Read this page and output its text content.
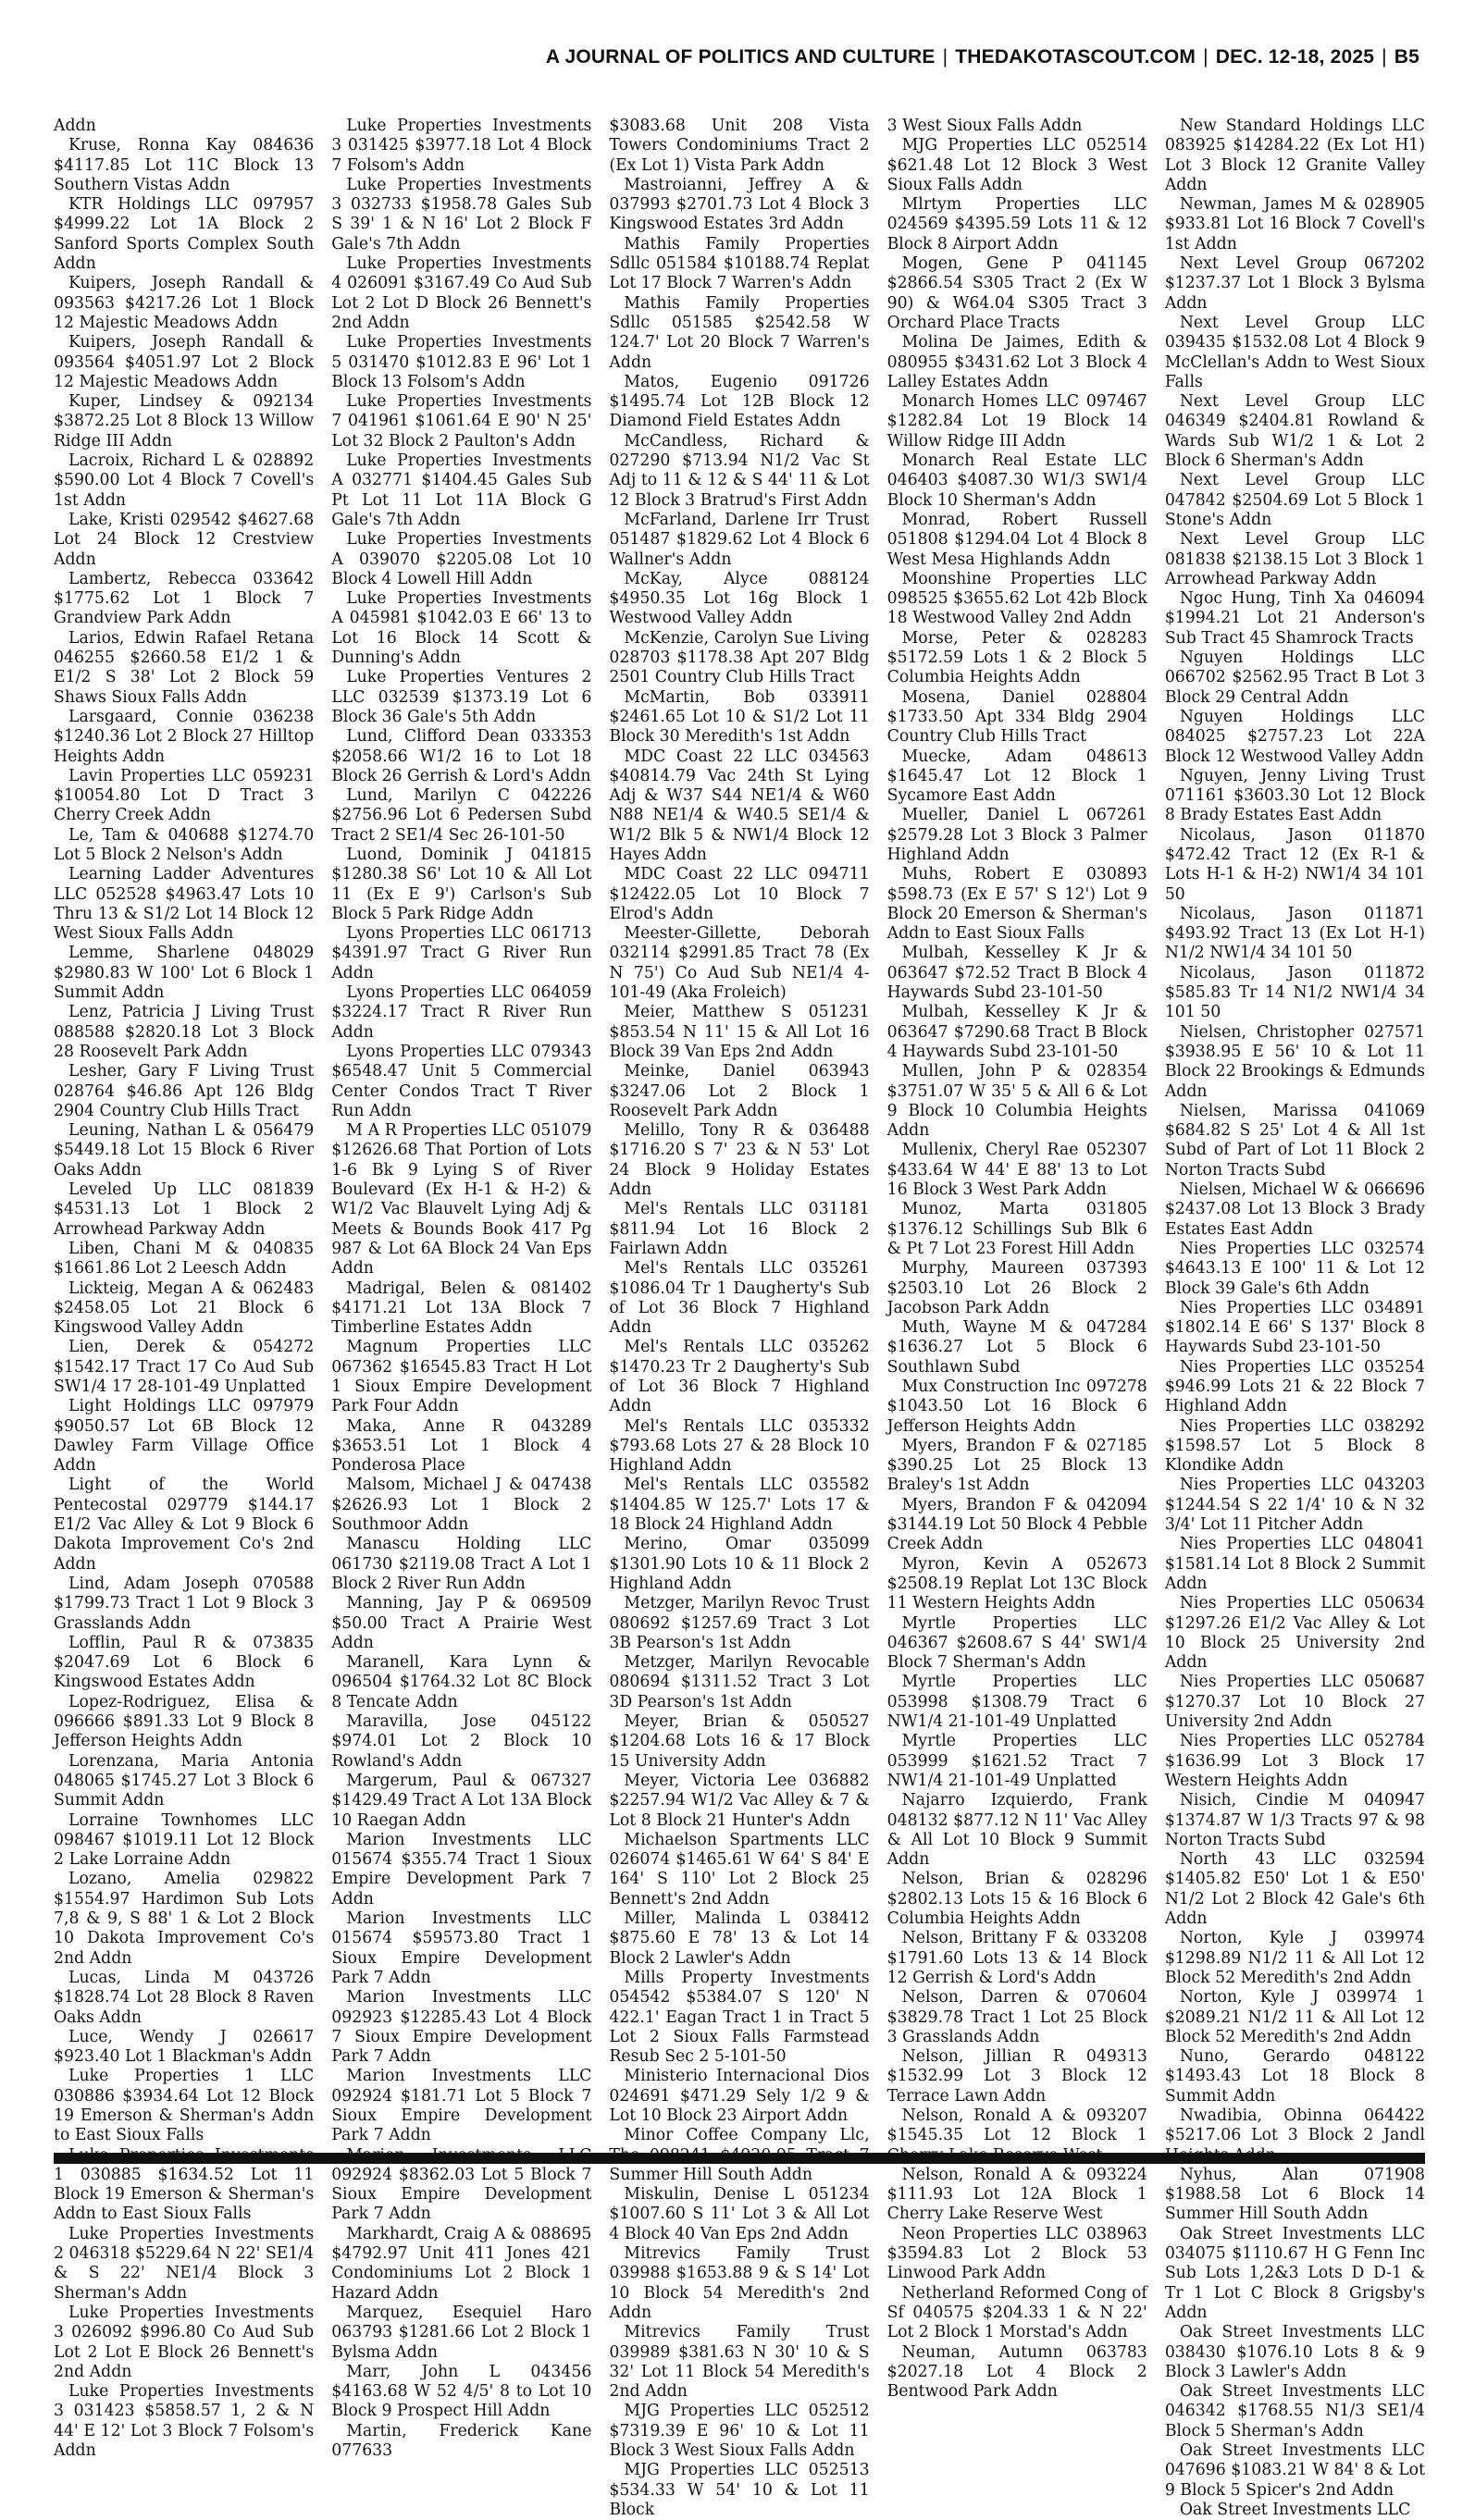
A JOURNAL OF POLITICS AND CULTURE | THEDAKOTASCOUT.COM | DEC. 12-18, 2025 | B5
Addn
Kruse, Ronna Kay 084636 $4117.85 Lot 11C Block 13 Southern Vistas Addn
KTR Holdings LLC 097957 $4999.22 Lot 1A Block 2 Sanford Sports Complex South Addn
Kuipers, Joseph Randall & 093563 $4217.26 Lot 1 Block 12 Majestic Meadows Addn
Kuipers, Joseph Randall & 093564 $4051.97 Lot 2 Block 12 Majestic Meadows Addn
Kuper, Lindsey & 092134 $3872.25 Lot 8 Block 13 Willow Ridge III Addn
Lacroix, Richard L & 028892 $590.00 Lot 4 Block 7 Covell's 1st Addn
Lake, Kristi 029542 $4627.68 Lot 24 Block 12 Crestview Addn
Lambertz, Rebecca 033642 $1775.62 Lot 1 Block 7 Grandview Park Addn
Larios, Edwin Rafael Retana 046255 $2660.58 E1/2 1 & E1/2 S 38' Lot 2 Block 59 Shaws Sioux Falls Addn
Larsgaard, Connie 036238 $1240.36 Lot 2 Block 27 Hilltop Heights Addn
Lavin Properties LLC 059231 $10054.80 Lot D Tract 3 Cherry Creek Addn
Le, Tam & 040688 $1274.70 Lot 5 Block 2 Nelson's Addn
Learning Ladder Adventures LLC 052528 $4963.47 Lots 10 Thru 13 & S1/2 Lot 14 Block 12 West Sioux Falls Addn
Lemme, Sharlene 048029 $2980.83 W 100' Lot 6 Block 1 Summit Addn
Lenz, Patricia J Living Trust 088588 $2820.18 Lot 3 Block 28 Roosevelt Park Addn
Lesher, Gary F Living Trust 028764 $46.86 Apt 126 Bldg 2904 Country Club Hills Tract
Leuning, Nathan L & 056479 $5449.18 Lot 15 Block 6 River Oaks Addn
Leveled Up LLC 081839 $4531.13 Lot 1 Block 2 Arrowhead Parkway Addn
Liben, Chani M & 040835 $1661.86 Lot 2 Leesch Addn
Lickteig, Megan A & 062483 $2458.05 Lot 21 Block 6 Kingswood Valley Addn
Lien, Derek & 054272 $1542.17 Tract 17 Co Aud Sub SW1/4 17 28-101-49 Unplatted
Light Holdings LLC 097979 $9050.57 Lot 6B Block 12 Dawley Farm Village Office Addn
Light of the World Pentecostal 029779 $144.17 E1/2 Vac Alley & Lot 9 Block 6 Dakota Improvement Co's 2nd Addn
Lind, Adam Joseph 070588 $1799.73 Tract 1 Lot 9 Block 3 Grasslands Addn
Lofflin, Paul R & 073835 $2047.69 Lot 6 Block 6 Kingswood Estates Addn
Lopez-Rodriguez, Elisa & 096666 $891.33 Lot 9 Block 8 Jefferson Heights Addn
Lorenzana, Maria Antonia 048065 $1745.27 Lot 3 Block 6 Summit Addn
Lorraine Townhomes LLC 098467 $1019.11 Lot 12 Block 2 Lake Lorraine Addn
Lozano, Amelia 029822 $1554.97 Hardimon Sub Lots 7,8 & 9, S 88' 1 & Lot 2 Block 10 Dakota Improvement Co's 2nd Addn
Lucas, Linda M 043726 $1828.74 Lot 28 Block 8 Raven Oaks Addn
Luce, Wendy J 026617 $923.40 Lot 1 Blackman's Addn
Luke Properties 1 LLC 030886 $3934.64 Lot 12 Block 19 Emerson & Sherman's Addn to East Sioux Falls
1 030885 $1634.52 Lot 11 Block 19 Emerson & Sherman's Addn to East Sioux Falls
Luke Properties Investments 2 046318 $5229.64 N 22' SE1/4 & S 22' NE1/4 Block 3 Sherman's Addn
Luke Properties Investments 3 026092 $996.80 Co Aud Sub Lot 2 Lot E Block 26 Bennett's 2nd Addn
Luke Properties Investments 3 031423 $5858.57 1, 2 & N 44' E 12' Lot 3 Block 7 Folsom's Addn
Luke Properties Investments 3 031425 $3977.18 Lot 4 Block 7 Folsom's Addn
Luke Properties Investments 3 032733 $1958.78 Gales Sub S 39' 1 & N 16' Lot 2 Block F Gale's 7th Addn
Luke Properties Investments 4 026091 $3167.49 Co Aud Sub Lot 2 Lot D Block 26 Bennett's 2nd Addn
Luke Properties Investments 5 031470 $1012.83 E 96' Lot 1 Block 13 Folsom's Addn
Luke Properties Investments 7 041961 $1061.64 E 90' N 25' Lot 32 Block 2 Paulton's Addn
Luke Properties Investments A 032771 $1404.45 Gales Sub Pt Lot 11 Lot 11A Block G Gale's 7th Addn
Luke Properties Investments A 039070 $2205.08 Lot 10 Block 4 Lowell Hill Addn
Luke Properties Investments A 045981 $1042.03 E 66' 13 to Lot 16 Block 14 Scott & Dunning's Addn
Luke Properties Ventures 2 LLC 032539 $1373.19 Lot 6 Block 36 Gale's 5th Addn
Lund, Clifford Dean 033353 $2058.66 W1/2 16 to Lot 18 Block 26 Gerrish & Lord's Addn
Lund, Marilyn C 042226 $2756.96 Lot 6 Pedersen Subd Tract 2 SE1/4 Sec 26-101-50
Luond, Dominik J 041815 $1280.38 S6' Lot 10 & All Lot 11 (Ex E 9') Carlson's Sub Block 5 Park Ridge Addn
Lyons Properties LLC 061713 $4391.97 Tract G River Run Addn
Lyons Properties LLC 064059 $3224.17 Tract R River Run Addn
Lyons Properties LLC 079343 $6548.47 Unit 5 Commercial Center Condos Tract T River Run Addn
M A R Properties LLC 051079 $12626.68 That Portion of Lots 1-6 Bk 9 Lying S of River Boulevard (Ex H-1 & H-2) & W1/2 Vac Blauvelt Lying Adj & Meets & Bounds Book 417 Pg 987 & Lot 6A Block 24 Van Eps Addn
Madrigal, Belen & 081402 $4171.21 Lot 13A Block 7 Timberline Estates Addn
Magnum Properties LLC 067362 $16545.83 Tract H Lot 1 Sioux Empire Development Park Four Addn
Maka, Anne R 043289 $3653.51 Lot 1 Block 4 Ponderosa Place
Malsom, Michael J & 047438 $2626.93 Lot 1 Block 2 Southmoor Addn
Manascu Holding LLC 061730 $2119.08 Tract A Lot 1 Block 2 River Run Addn
Manning, Jay P & 069509 $50.00 Tract A Prairie West Addn
Maranell, Kara Lynn & 096504 $1764.32 Lot 8C Block 8 Tencate Addn
Maravilla, Jose 045122 $974.01 Lot 2 Block 10 Rowland's Addn
Margerum, Paul & 067327 $1429.49 Tract A Lot 13A Block 10 Raegan Addn
Marion Investments LLC 015674 $355.74 Tract 1 Sioux Empire Development Park 7 Addn
Marion Investments LLC 015674 $59573.80 Tract 1 Sioux Empire Development Park 7 Addn
Marion Investments LLC 092923 $12285.43 Lot 4 Block 7 Sioux Empire Development Park 7 Addn
Marion Investments LLC 092924 $181.71 Lot 5 Block 7 Sioux Empire Development Park 7 Addn
092924 $8362.03 Lot 5 Block 7 Sioux Empire Development Park 7 Addn
Markhardt, Craig A & 088695 $4792.97 Unit 411 Jones 421 Condominiums Lot 2 Block 1 Hazard Addn
Marquez, Esequiel Haro 063793 $1281.66 Lot 2 Block 1 Bylsma Addn
Marr, John L 043456 $4163.68 W 52 4/5' 8 to Lot 10 Block 9 Prospect Hill Addn
Martin, Frederick Kane 077633
$3083.68 Unit 208 Vista Towers Condominiums Tract 2 (Ex Lot 1) Vista Park Addn
Mastroianni, Jeffrey A & 037993 $2701.73 Lot 4 Block 3 Kingswood Estates 3rd Addn
Mathis Family Properties Sdllc 051584 $10188.74 Replat Lot 17 Block 7 Warren's Addn
Mathis Family Properties Sdllc 051585 $2542.58 W 124.7' Lot 20 Block 7 Warren's Addn
Matos, Eugenio 091726 $1495.74 Lot 12B Block 12 Diamond Field Estates Addn
McCandless, Richard & 027290 $713.94 N1/2 Vac St Adj to 11 & 12 & S 44' 11 & Lot 12 Block 3 Bratrud's First Addn
McFarland, Darlene Irr Trust 051487 $1829.62 Lot 4 Block 6 Wallner's Addn
McKay, Alyce 088124 $4950.35 Lot 16g Block 1 Westwood Valley Addn
McKenzie, Carolyn Sue Living 028703 $1178.38 Apt 207 Bldg 2501 Country Club Hills Tract
McMartin, Bob 033911 $2461.65 Lot 10 & S1/2 Lot 11 Block 30 Meredith's 1st Addn
MDC Coast 22 LLC 034563 $40814.79 Vac 24th St Lying Adj & W37 S44 NE1/4 & W60 N88 NE1/4 & W40.5 SE1/4 & W1/2 Blk 5 & NW1/4 Block 12 Hayes Addn
MDC Coast 22 LLC 094711 $12422.05 Lot 10 Block 7 Elrod's Addn
Meester-Gillette, Deborah 032114 $2991.85 Tract 78 (Ex N 75') Co Aud Sub NE1/4 4-101-49 (Aka Froleich)
Meier, Matthew S 051231 $853.54 N 11' 15 & All Lot 16 Block 39 Van Eps 2nd Addn
Meinke, Daniel 063943 $3247.06 Lot 2 Block 1 Roosevelt Park Addn
Melillo, Tony R & 036488 $1716.20 S 7' 23 & N 53' Lot 24 Block 9 Holiday Estates Addn
Mel's Rentals LLC 031181 $811.94 Lot 16 Block 2 Fairlawn Addn
Mel's Rentals LLC 035261 $1086.04 Tr 1 Daugherty's Sub of Lot 36 Block 7 Highland Addn
Mel's Rentals LLC 035262 $1470.23 Tr 2 Daugherty's Sub of Lot 36 Block 7 Highland Addn
Mel's Rentals LLC 035332 $793.68 Lots 27 & 28 Block 10 Highland Addn
Mel's Rentals LLC 035582 $1404.85 W 125.7' Lots 17 & 18 Block 24 Highland Addn
Merino, Omar 035099 $1301.90 Lots 10 & 11 Block 2 Highland Addn
Metzger, Marilyn Revoc Trust 080692 $1257.69 Tract 3 Lot 3B Pearson's 1st Addn
Metzger, Marilyn Revocable 080694 $1311.52 Tract 3 Lot 3D Pearson's 1st Addn
Meyer, Brian & 050527 $1204.68 Lots 16 & 17 Block 15 University Addn
Meyer, Victoria Lee 036882 $2257.94 W1/2 Vac Alley & 7 & Lot 8 Block 21 Hunter's Addn
Michaelson Spartments LLC 026074 $1465.61 W 64' S 84' E 164' S 110' Lot 2 Block 25 Bennett's 2nd Addn
Miller, Malinda L 038412 $875.60 E 78' 13 & Lot 14 Block 2 Lawler's Addn
Mills Property Investments 054542 $5384.07 S 120' N 422.1' Eagan Tract 1 in Tract 5 Lot 2 Sioux Falls Farmstead Resub Sec 2 5-101-50
Ministerio Internacional Dios 024691 $471.29 Sely 1/2 9 & Lot 10 Block 23 Airport Addn
Minor Coffee Company Llc, Summer Hill South Addn
Miskulin, Denise L 051234 $1007.60 S 11' Lot 3 & All Lot 4 Block 40 Van Eps 2nd Addn
Mitrevics Family Trust 039988 $1653.88 9 & S 14' Lot 10 Block 54 Meredith's 2nd Addn
Mitrevics Family Trust 039989 $381.63 N 30' 10 & S 32' Lot 11 Block 54 Meredith's 2nd Addn
MJG Properties LLC 052512 $7319.39 E 96' 10 & Lot 11 Block 3 West Sioux Falls Addn
MJG Properties LLC 052513 $534.33 W 54' 10 & Lot 11 Block
3 West Sioux Falls Addn
MJG Properties LLC 052514 $621.48 Lot 12 Block 3 West Sioux Falls Addn
Mlrtym Properties LLC 024569 $4395.59 Lots 11 & 12 Block 8 Airport Addn
Mogen, Gene P 041145 $2866.54 S305 Tract 2 (Ex W 90) & W64.04 S305 Tract 3 Orchard Place Tracts
Molina De Jaimes, Edith & 080955 $3431.62 Lot 3 Block 4 Lalley Estates Addn
Monarch Homes LLC 097467 $1282.84 Lot 19 Block 14 Willow Ridge III Addn
Monarch Real Estate LLC 046403 $4087.30 W1/3 SW1/4 Block 10 Sherman's Addn
Monrad, Robert Russell 051808 $1294.04 Lot 4 Block 8 West Mesa Highlands Addn
Moonshine Properties LLC 098525 $3655.62 Lot 42b Block 18 Westwood Valley 2nd Addn
Morse, Peter & 028283 $5172.59 Lots 1 & 2 Block 5 Columbia Heights Addn
Mosena, Daniel 028804 $1733.50 Apt 334 Bldg 2904 Country Club Hills Tract
Muecke, Adam 048613 $1645.47 Lot 12 Block 1 Sycamore East Addn
Mueller, Daniel L 067261 $2579.28 Lot 3 Block 3 Palmer Highland Addn
Muhs, Robert E 030893 $598.73 (Ex E 57' S 12') Lot 9 Block 20 Emerson & Sherman's Addn to East Sioux Falls
Mulbah, Kesselley K Jr & 063647 $72.52 Tract B Block 4 Haywards Subd 23-101-50
Mulbah, Kesselley K Jr & 063647 $7290.68 Tract B Block 4 Haywards Subd 23-101-50
Mullen, John P & 028354 $3751.07 W 35' 5 & All 6 & Lot 9 Block 10 Columbia Heights Addn
Mullenix, Cheryl Rae 052307 $433.64 W 44' E 88' 13 to Lot 16 Block 3 West Park Addn
Munoz, Marta 031805 $1376.12 Schillings Sub Blk 6 & Pt 7 Lot 23 Forest Hill Addn
Murphy, Maureen 037393 $2503.10 Lot 26 Block 2 Jacobson Park Addn
Muth, Wayne M & 047284 $1636.27 Lot 5 Block 6 Southlawn Subd
Mux Construction Inc 097278 $1043.50 Lot 16 Block 6 Jefferson Heights Addn
Myers, Brandon F & 027185 $390.25 Lot 25 Block 13 Braley's 1st Addn
Myers, Brandon F & 042094 $3144.19 Lot 50 Block 4 Pebble Creek Addn
Myron, Kevin A 052673 $2508.19 Replat Lot 13C Block 11 Western Heights Addn
Myrtle Properties LLC 046367 $2608.67 S 44' SW1/4 Block 7 Sherman's Addn
Myrtle Properties LLC 053998 $1308.79 Tract 6 NW1/4 21-101-49 Unplatted
Myrtle Properties LLC 053999 $1621.52 Tract 7 NW1/4 21-101-49 Unplatted
Najarro Izquierdo, Frank 048132 $877.12 N 11' Vac Alley & All Lot 10 Block 9 Summit Addn
Nelson, Brian & 028296 $2802.13 Lots 15 & 16 Block 6 Columbia Heights Addn
Nelson, Brittany F & 033208 $1791.60 Lots 13 & 14 Block 12 Gerrish & Lord's Addn
Nelson, Darren & 070604 $3829.78 Tract 1 Lot 25 Block 3 Grasslands Addn
Nelson, Jillian R 049313 $1532.99 Lot 3 Block 12 Terrace Lawn Addn
Nelson, Ronald A & 093207 $1545.35 Lot 12 Block 1
Nelson, Ronald A & 093224 $111.93 Lot 12A Block 1 Cherry Lake Reserve West
Neon Properties LLC 038963 $3594.83 Lot 2 Block 53 Linwood Park Addn
Netherland Reformed Cong of Sf 040575 $204.33 1 & N 22' Lot 2 Block 1 Morstad's Addn
Neuman, Autumn 063783 $2027.18 Lot 4 Block 2 Bentwood Park Addn
New Standard Holdings LLC 083925 $14284.22 (Ex Lot H1) Lot 3 Block 12 Granite Valley Addn
Newman, James M & 028905 $933.81 Lot 16 Block 7 Covell's 1st Addn
Next Level Group 067202 $1237.37 Lot 1 Block 3 Bylsma Addn
Next Level Group LLC 039435 $1532.08 Lot 4 Block 9 McClellan's Addn to West Sioux Falls
Next Level Group LLC 046349 $2404.81 Rowland & Wards Sub W1/2 1 & Lot 2 Block 6 Sherman's Addn
Next Level Group LLC 047842 $2504.69 Lot 5 Block 1 Stone's Addn
Next Level Group LLC 081838 $2138.15 Lot 3 Block 1 Arrowhead Parkway Addn
Ngoc Hung, Tinh Xa 046094 $1994.21 Lot 21 Anderson's Sub Tract 45 Shamrock Tracts
Nguyen Holdings LLC 066702 $2562.95 Tract B Lot 3 Block 29 Central Addn
Nguyen Holdings LLC 084025 $2757.23 Lot 22A Block 12 Westwood Valley Addn
Nguyen, Jenny Living Trust 071161 $3603.30 Lot 12 Block 8 Brady Estates East Addn
Nicolaus, Jason 011870 $472.42 Tract 12 (Ex R-1 & Lots H-1 & H-2) NW1/4 34 101 50
Nicolaus, Jason 011871 $493.92 Tract 13 (Ex Lot H-1) N1/2 NW1/4 34 101 50
Nicolaus, Jason 011872 $585.83 Tr 14 N1/2 NW1/4 34 101 50
Nielsen, Christopher 027571 $3938.95 E 56' 10 & Lot 11 Block 22 Brookings & Edmunds Addn
Nielsen, Marissa 041069 $684.82 S 25' Lot 4 & All 1st Subd of Part of Lot 11 Block 2 Norton Tracts Subd
Nielsen, Michael W & 066696 $2437.08 Lot 13 Block 3 Brady Estates East Addn
Nies Properties LLC 032574 $4643.13 E 100' 11 & Lot 12 Block 39 Gale's 6th Addn
Nies Properties LLC 034891 $1802.14 E 66' S 137' Block 8 Haywards Subd 23-101-50
Nies Properties LLC 035254 $946.99 Lots 21 & 22 Block 7 Highland Addn
Nies Properties LLC 038292 $1598.57 Lot 5 Block 8 Klondike Addn
Nies Properties LLC 043203 $1244.54 S 22 1/4' 10 & N 32 3/4' Lot 11 Pitcher Addn
Nies Properties LLC 048041 $1581.14 Lot 8 Block 2 Summit Addn
Nies Properties LLC 050634 $1297.26 E1/2 Vac Alley & Lot 10 Block 25 University 2nd Addn
Nies Properties LLC 050687 $1270.37 Lot 10 Block 27 University 2nd Addn
Nies Properties LLC 052784 $1636.99 Lot 3 Block 17 Western Heights Addn
Nisich, Cindie M 040947 $1374.87 W 1/3 Tracts 97 & 98 Norton Tracts Subd
North 43 LLC 032594 $1405.82 E50' Lot 1 & E50' N1/2 Lot 2 Block 42 Gale's 6th Addn
Norton, Kyle J 039974 $1298.89 N1/2 11 & All Lot 12 Block 52 Meredith's 2nd Addn
Norton, Kyle J 039974 1 $2089.21 N1/2 11 & All Lot 12 Block 52 Meredith's 2nd Addn
Nuno, Gerardo 048122 $1493.43 Lot 18 Block 8 Summit Addn
Nwadibia, Obinna 064422 $5217.06 Lot 3 Block 2 Jandl
Nyhus, Alan 071908 $1988.58 Lot 6 Block 14 Summer Hill South Addn
Oak Street Investments LLC 034075 $1110.67 H G Fenn Inc Sub Lots 1,2&3 Lots D D-1 & Tr 1 Lot C Block 8 Grigsby's Addn
Oak Street Investments LLC 038430 $1076.10 Lots 8 & 9 Block 3 Lawler's Addn
Oak Street Investments LLC 046342 $1768.55 N1/3 SE1/4 Block 5 Sherman's Addn
Oak Street Investments LLC 047696 $1083.21 W 84' 8 & Lot 9 Block 5 Spicer's 2nd Addn
Oak Street Investments LLC
